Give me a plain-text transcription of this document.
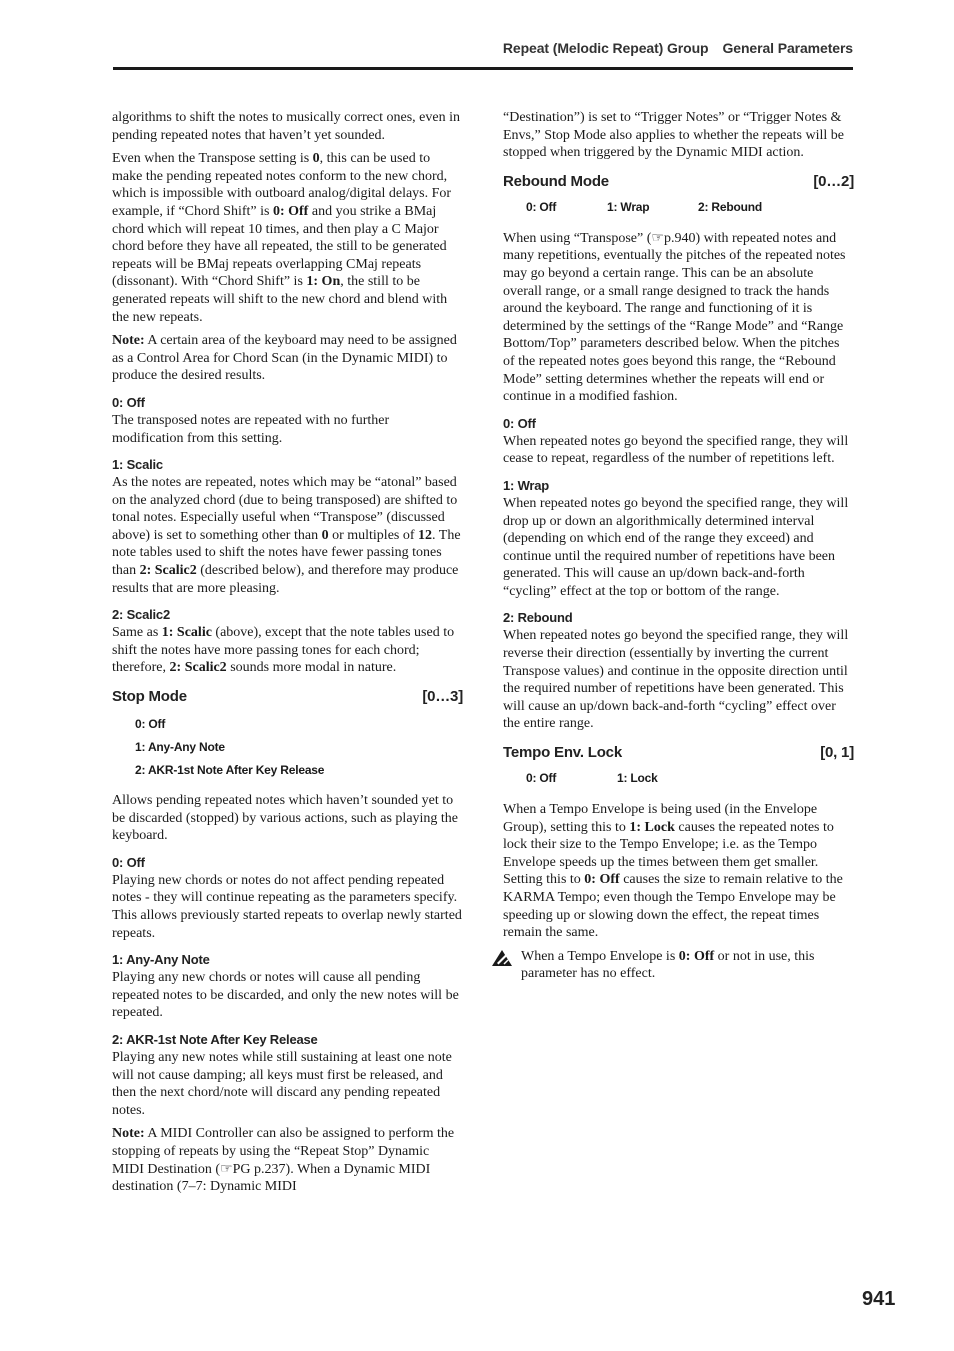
Repeat (Melodic Repeat) Group General Parameters

algorithms to shift the notes to musically correct ones, even in pending repeated notes that haven’t yet sounded.

Even when the Transpose setting is 0, this can be used to make the pending repeated notes conform to the new chord, which is impossible with outboard analog/digital delays. For example, if “Chord Shift” is 0: Off and you strike a BMaj chord which will repeat 10 times, and then play a C Major chord before they have all repeated, the still to be generated repeats will be BMaj repeats overlapping CMaj repeats (dissonant). With “Chord Shift” is 1: On, the still to be generated repeats will shift to the new chord and blend with the new repeats.

Note: A certain area of the keyboard may need to be assigned as a Control Area for Chord Scan (in the Dynamic MIDI) to produce the desired results.

0: Off

The transposed notes are repeated with no further modification from this setting.

1: Scalic

As the notes are repeated, notes which may be “atonal” based on the analyzed chord (due to being transposed) are shifted to tonal notes. Especially useful when “Transpose” (discussed above) is set to something other than 0 or multiples of 12. The note tables used to shift the notes have fewer passing tones than 2: Scalic2 (described below), and therefore may produce results that are more pleasing.

2: Scalic2

Same as 1: Scalic (above), except that the note tables used to shift the notes have more passing tones for each chord; therefore, 2: Scalic2 sounds more modal in nature.

Stop Mode	[0…3]
0: Off
1: Any-Any Note
2: AKR-1st Note After Key Release

Allows pending repeated notes which haven’t sounded yet to be discarded (stopped) by various actions, such as playing the keyboard.

0: Off

Playing new chords or notes do not affect pending repeated notes - they will continue repeating as the parameters specify. This allows previously started repeats to overlap newly started repeats.

1: Any-Any Note

Playing any new chords or notes will cause all pending repeated notes to be discarded, and only the new notes will be repeated.

2: AKR-1st Note After Key Release

Playing any new notes while still sustaining at least one note will not cause damping; all keys must first be released, and then the next chord/note will discard any pending repeated notes.

Note: A MIDI Controller can also be assigned to perform the stopping of repeats by using the “Repeat Stop” Dynamic MIDI Destination (☞PG p.237). When a Dynamic MIDI destination (7–7: Dynamic MIDI

“Destination”) is set to “Trigger Notes” or “Trigger Notes & Envs,” Stop Mode also applies to whether the repeats will be stopped when triggered by the Dynamic MIDI action.

Rebound Mode	[0…2]
0: Off	1: Wrap	2: Rebound

When using “Transpose” (☞p.940) with repeated notes and many repetitions, eventually the pitches of the repeated notes may go beyond a certain range. This can be an absolute overall range, or a small range designed to track the hands around the keyboard. The range and functioning of it is determined by the settings of the “Range Mode” and “Range Bottom/Top” parameters described below. When the pitches of the repeated notes goes beyond this range, the “Rebound Mode” setting determines whether the repeats will end or continue in a modified fashion.

0: Off

When repeated notes go beyond the specified range, they will cease to repeat, regardless of the number of repetitions left.

1: Wrap

When repeated notes go beyond the specified range, they will drop up or down an algorithmically determined interval (depending on which end of the range they exceed) and continue until the required number of repetitions have been generated. This will cause an up/down back-and-forth “cycling” effect at the top or bottom of the range.

2: Rebound

When repeated notes go beyond the specified range, they will reverse their direction (essentially by inverting the current Transpose values) and continue in the opposite direction until the required number of repetitions have been generated. This will cause an up/down back-and-forth “cycling” effect over the entire range.

Tempo Env. Lock	[0, 1]
0: Off	1: Lock

When a Tempo Envelope is being used (in the Envelope Group), setting this to 1: Lock causes the repeated notes to lock their size to the Tempo Envelope; i.e. as the Tempo Envelope speeds up the times between them get smaller. Setting this to 0: Off causes the size to remain relative to the KARMA Tempo; even though the Tempo Envelope may be speeding up or slowing down the effect, the repeat times remain the same.

When a Tempo Envelope is 0: Off or not in use, this parameter has no effect.

941
